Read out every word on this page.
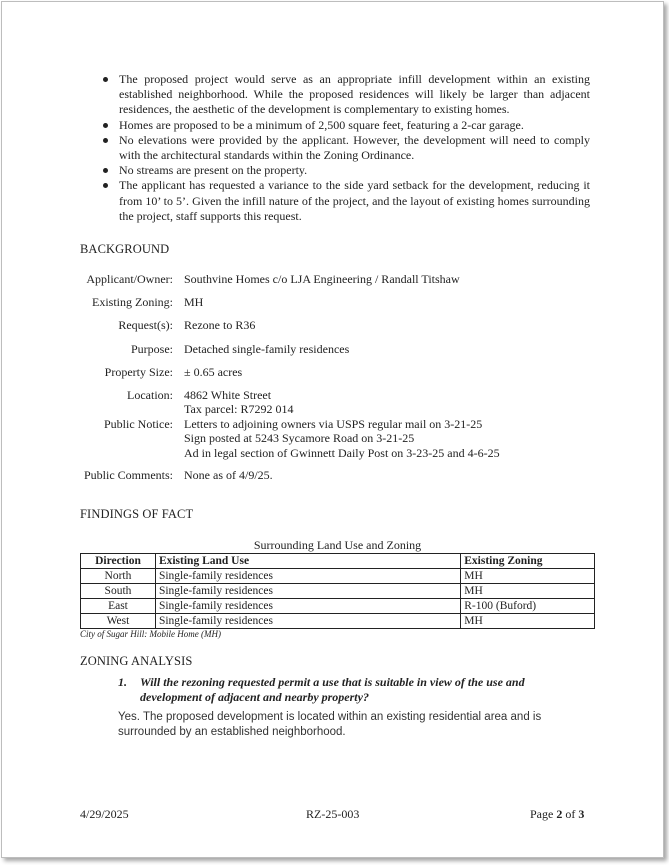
The proposed project would serve as an appropriate infill development within an existing established neighborhood. While the proposed residences will likely be larger than adjacent residences, the aesthetic of the development is complementary to existing homes.
Homes are proposed to be a minimum of 2,500 square feet, featuring a 2-car garage.
No elevations were provided by the applicant. However, the development will need to comply with the architectural standards within the Zoning Ordinance.
No streams are present on the property.
The applicant has requested a variance to the side yard setback for the development, reducing it from 10’ to 5’. Given the infill nature of the project, and the layout of existing homes surrounding the project, staff supports this request.
BACKGROUND
Applicant/Owner: Southvine Homes c/o LJA Engineering / Randall Titshaw
Existing Zoning: MH
Request(s): Rezone to R36
Purpose: Detached single-family residences
Property Size: ± 0.65 acres
Location: 4862 White Street
Tax parcel: R7292 014
Public Notice: Letters to adjoining owners via USPS regular mail on 3-21-25
Sign posted at 5243 Sycamore Road on 3-21-25
Ad in legal section of Gwinnett Daily Post on 3-23-25 and 4-6-25
Public Comments: None as of 4/9/25.
FINDINGS OF FACT
Surrounding Land Use and Zoning
Direction	Existing Land Use	Existing Zoning
North	Single-family residences	MH
South	Single-family residences	MH
East	Single-family residences	R-100 (Buford)
West	Single-family residences	MH
City of Sugar Hill: Mobile Home (MH)
ZONING ANALYSIS
1.	Will the rezoning requested permit a use that is suitable in view of the use and development of adjacent and nearby property?
Yes. The proposed development is located within an existing residential area and is surrounded by an established neighborhood.
4/29/2025	RZ-25-003	Page 2 of 3
